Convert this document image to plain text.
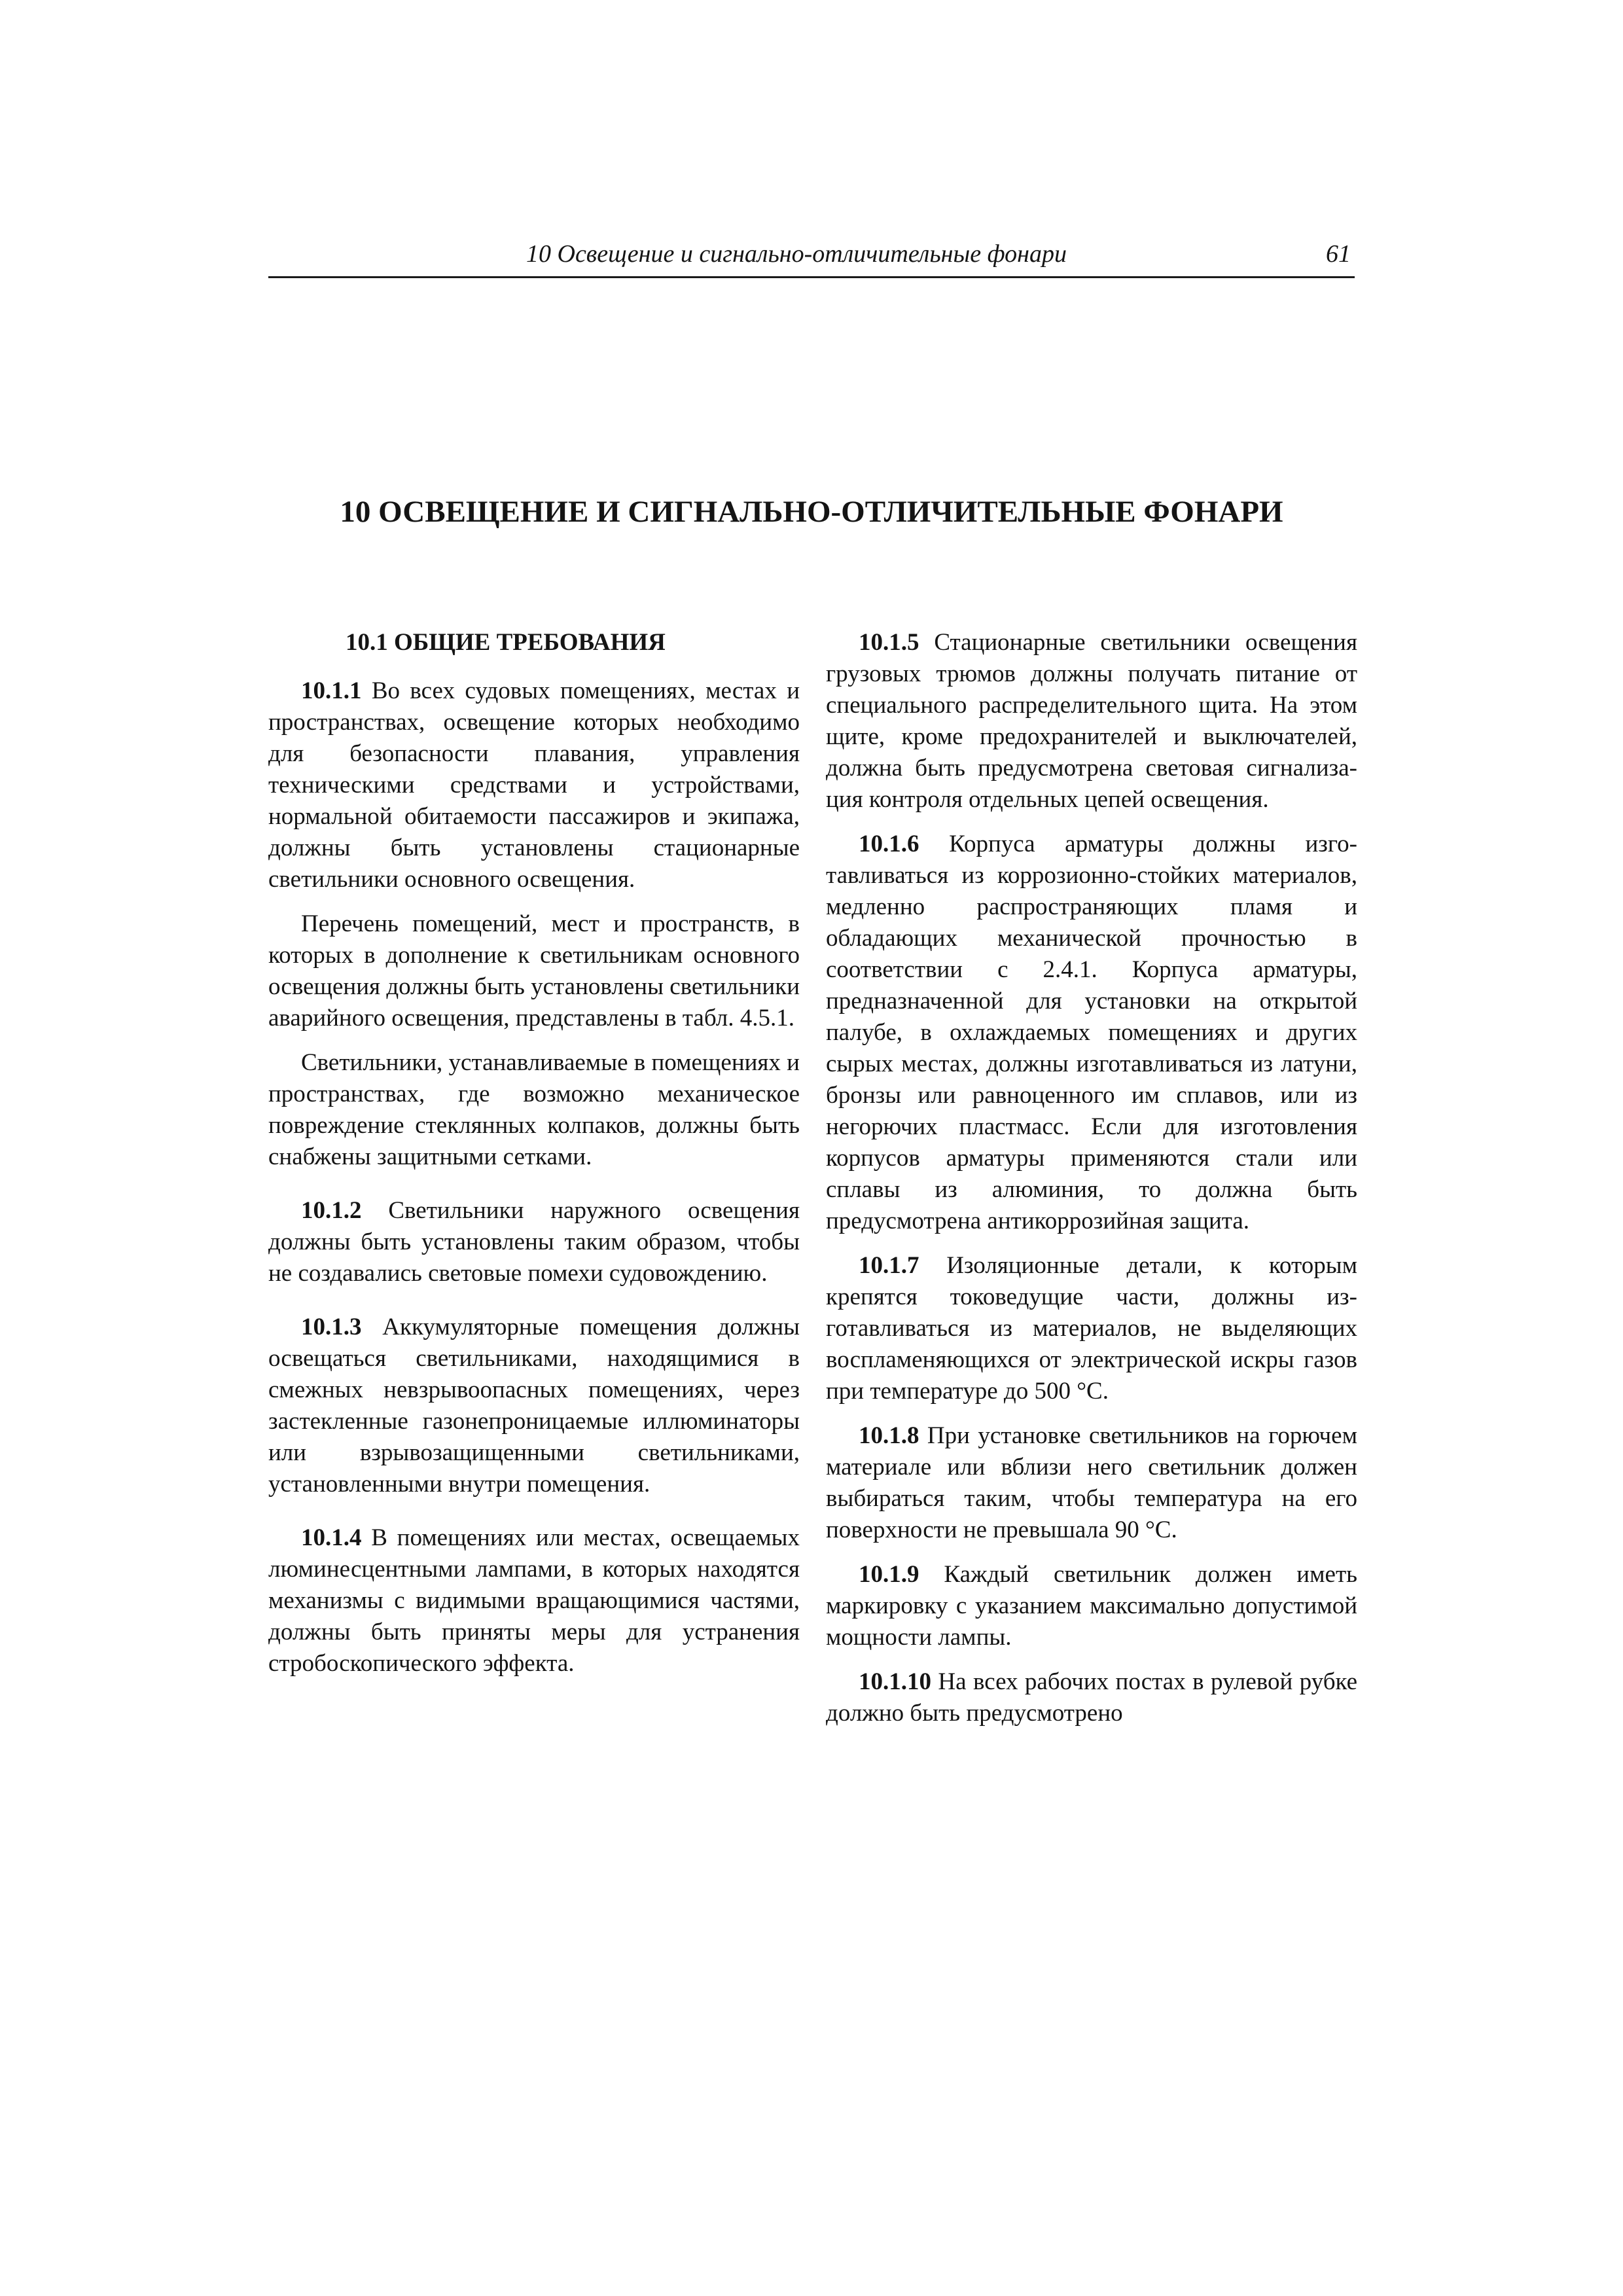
10 Освещение и сигнально-отличительные фонари	61
10 ОСВЕЩЕНИЕ И СИГНАЛЬНО-ОТЛИЧИТЕЛЬНЫЕ ФОНАРИ
10.1 ОБЩИЕ ТРЕБОВАНИЯ

10.1.1 Во всех судовых помещениях, местах и пространствах, освещение которых необходимо для безопасности плавания, управления техническими средствами и устройствами, нормальной обитаемости пассажиров и экипажа, должны быть установлены стационарные светильники основного освещения.

Перечень помещений, мест и пространств, в которых в дополнение к светильникам основного освещения должны быть установлены светильники аварийного освещения, представлены в табл. 4.5.1.

Светильники, устанавливаемые в помещениях и пространствах, где возможно механическое повреждение стеклянных колпаков, должны быть снабжены защитными сетками.

10.1.2 Светильники наружного освещения должны быть установлены таким образом, чтобы не создавались световые помехи судовождению.

10.1.3 Аккумуляторные помещения должны освещаться светильниками, находящимися в смежных невзрывоопасных помещениях, через застекленные газонепроницаемые иллюминаторы или взрывозащищенными светильниками, установленными внутри помещения.

10.1.4 В помещениях или местах, освещаемых люминесцентными лампами, в которых находятся механизмы с видимыми вращающимися частями, должны быть приняты меры для устранения стробоскопического эффекта.

10.1.5 Стационарные светильники освещения грузовых трюмов должны получать питание от специального распределительного щита. На этом щите, кроме предохранителей и выключателей, должна быть предусмотрена световая сигнализация контроля отдельных цепей освещения.

10.1.6 Корпуса арматуры должны изготавливаться из коррозионно-стойких материалов, медленно распространяющих пламя и обладающих механической прочностью в соответствии с 2.4.1. Корпуса арматуры, предназначенной для установки на открытой палубе, в охлаждаемых помещениях и других сырых местах, должны изготавливаться из латуни, бронзы или равноценного им сплавов, или из негорючих пластмасс. Если для изготовления корпусов арматуры применяются стали или сплавы из алюминия, то должна быть предусмотрена антикоррозийная защита.

10.1.7 Изоляционные детали, к которым крепятся токоведущие части, должны изготавливаться из материалов, не выделяющих воспламеняющихся от электрической искры газов при температуре до 500 °С.

10.1.8 При установке светильников на горючем материале или вблизи него светильник должен выбираться таким, чтобы температура на его поверхности не превышала 90 °С.

10.1.9 Каждый светильник должен иметь маркировку с указанием максимально допустимой мощности лампы.

10.1.10 На всех рабочих постах в рулевой рубке должно быть предусмотрено
